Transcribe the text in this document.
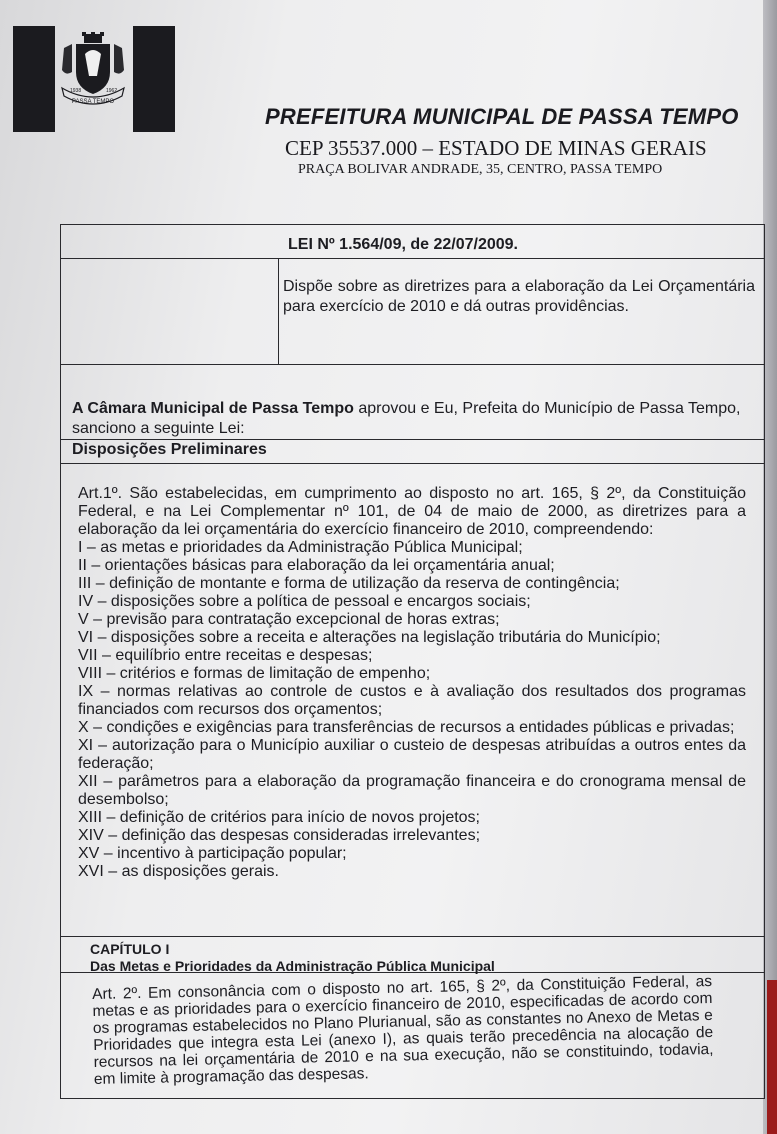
PASSA TEMPO
1938	1962
PREFEITURA MUNICIPAL DE PASSA TEMPO
CEP 35537.000 – ESTADO DE MINAS GERAIS
PRAÇA BOLIVAR ANDRADE, 35, CENTRO, PASSA TEMPO
LEI Nº 1.564/09, de 22/07/2009.
Dispõe sobre as diretrizes para a elaboração da Lei Orçamentária para exercício de 2010 e dá outras providências.
A Câmara Municipal de Passa Tempo aprovou e Eu, Prefeita do Município de Passa Tempo, sanciono a seguinte Lei:
Disposições Preliminares

Art.1º. São estabelecidas, em cumprimento ao disposto no art. 165, § 2º, da Constituição Federal, e na Lei Complementar nº 101, de 04 de maio de 2000, as diretrizes para a elaboração da lei orçamentária do exercício financeiro de 2010, compreendendo:

I – as metas e prioridades da Administração Pública Municipal;
II – orientações básicas para elaboração da lei orçamentária anual;
III – definição de montante e forma de utilização da reserva de contingência;
IV – disposições sobre a política de pessoal e encargos sociais;
V – previsão para contratação excepcional de horas extras;
VI – disposições sobre a receita e alterações na legislação tributária do Município;
VII – equilíbrio entre receitas e despesas;
VIII – critérios e formas de limitação de empenho;
IX – normas relativas ao controle de custos e à avaliação dos resultados dos programas financiados com recursos dos orçamentos;
X – condições e exigências para transferências de recursos a entidades públicas e privadas;
XI – autorização para o Município auxiliar o custeio de despesas atribuídas a outros entes da federação;
XII – parâmetros para a elaboração da programação financeira e do cronograma mensal de desembolso;
XIII – definição de critérios para início de novos projetos;
XIV – definição das despesas consideradas irrelevantes;
XV – incentivo à participação popular;
XVI – as disposições gerais.
CAPÍTULO I
Das Metas e Prioridades da Administração Pública Municipal
Art. 2º. Em consonância com o disposto no art. 165, § 2º, da Constituição Federal, as metas e as prioridades para o exercício financeiro de 2010, especificadas de acordo com os programas estabelecidos no Plano Plurianual, são as constantes no Anexo de Metas e Prioridades que integra esta Lei (anexo I), as quais terão precedência na alocação de recursos na lei orçamentária de 2010 e na sua execução, não se constituindo, todavia, em limite à programação das despesas.
